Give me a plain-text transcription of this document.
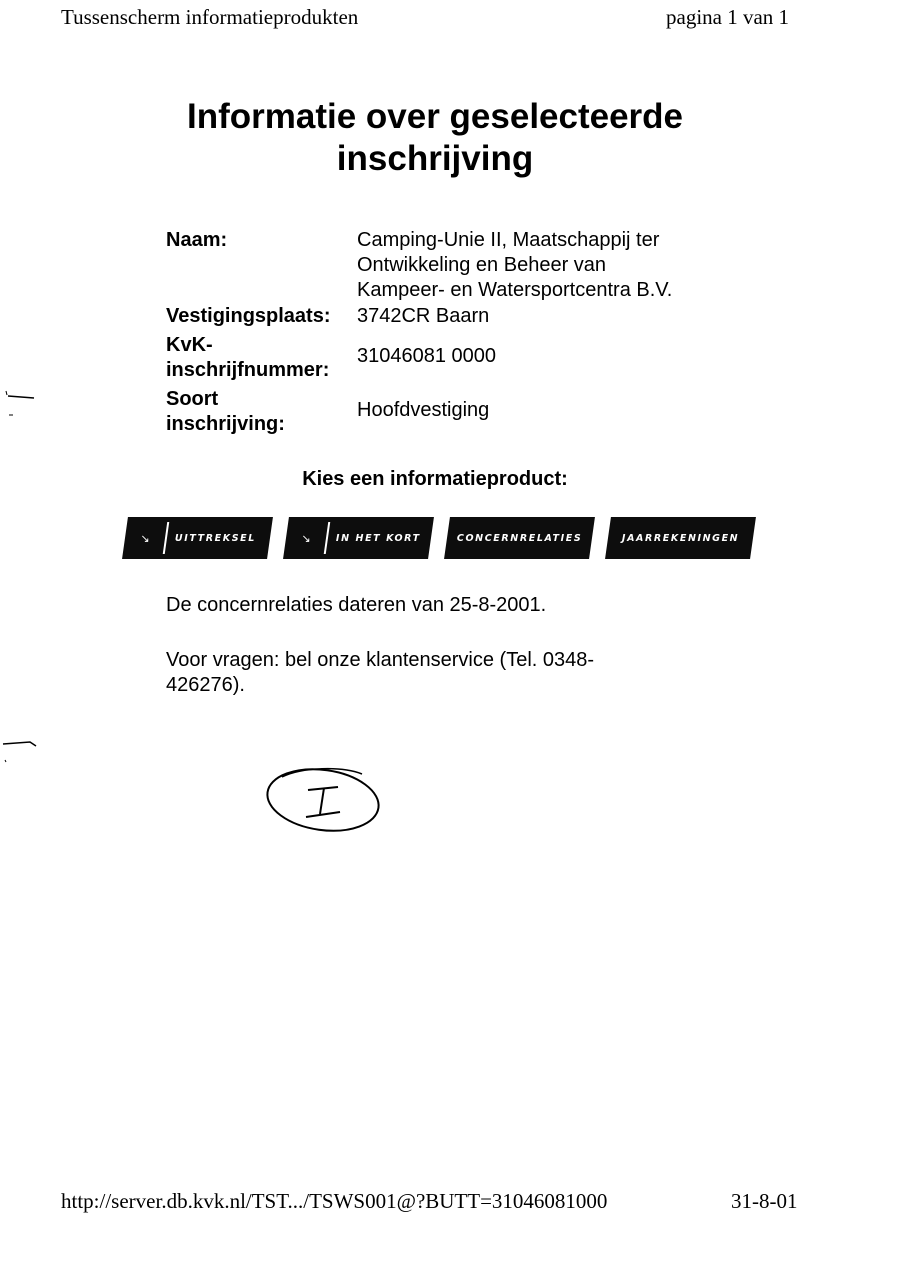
Tussenscherm informatieprodukten	pagina 1 van 1
Informatie over geselecteerde
inschrijving
Naam:	Camping-Unie II, Maatschappij ter
Ontwikkeling en Beheer van
Kampeer- en Watersportcentra B.V.
Vestigingsplaats: 3742CR Baarn
KvK-
inschrijfnummer:
31046081 0000
Soort
inschrijving:
Hoofdvestiging
Kies een informatieproduct:
↘	UITTREKSEL	↘	IN HET KORT	CONCERNRELATIES	JAARREKENINGEN
De concernrelaties dateren van 25-8-2001.
Voor vragen: bel onze klantenservice (Tel. 0348-
426276).
http://server.db.kvk.nl/TST.../TSWS001@?BUTT=31046081000	31-8-01
